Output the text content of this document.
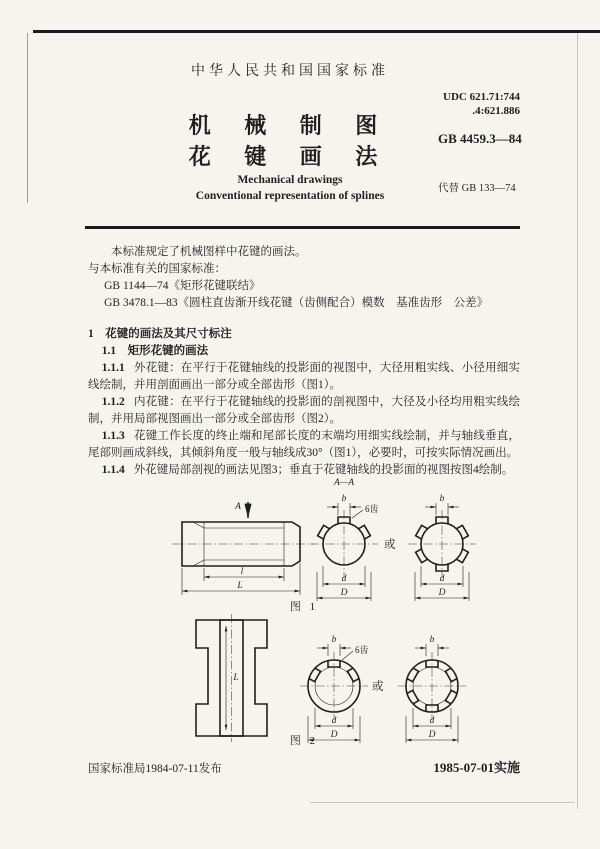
中华人民共和国国家标准
UDC 621.71:744
.4:621.886
机 械 制 图
花 键 画 法
GB 4459.3—84
Mechanical drawings
Conventional representation of splines
代替 GB 133—74

本标准规定了机械图样中花键的画法。

与本标准有关的国家标准：

GB 1144—74《矩形花键联结》

GB 3478.1—83《圆柱直齿渐开线花键（齿侧配合）模数　基准齿形　公差》

1　花键的画法及其尺寸标注

1.1　矩形花键的画法

1.1.1 外花键：在平行于花键轴线的投影面的视图中，大径用粗实线、小径用细实线绘制，并用剖面画出一部分或全部齿形（图1）。

1.1.2 内花键：在平行于花键轴线的投影面的剖视图中，大径及小径均用粗实线绘制，并用局部视图画出一部分或全部齿形（图2）。

1.1.3 花键工作长度的终止端和尾部长度的末端均用细实线绘制，并与轴线垂直，尾部则画成斜线，其倾斜角度一般与轴线成30°（图1），必要时，可按实际情况画出。

1.1.4 外花键局部剖视的画法见图3；垂直于花键轴线的投影面的视图按图4绘制。

A
l
L
A—A
b
6齿
d
D
或
b
d
D
图 1
L
b
6齿
d
D
或
b
d
D
图 2
国家标准局1984-07-11发布	1985-07-01实施
